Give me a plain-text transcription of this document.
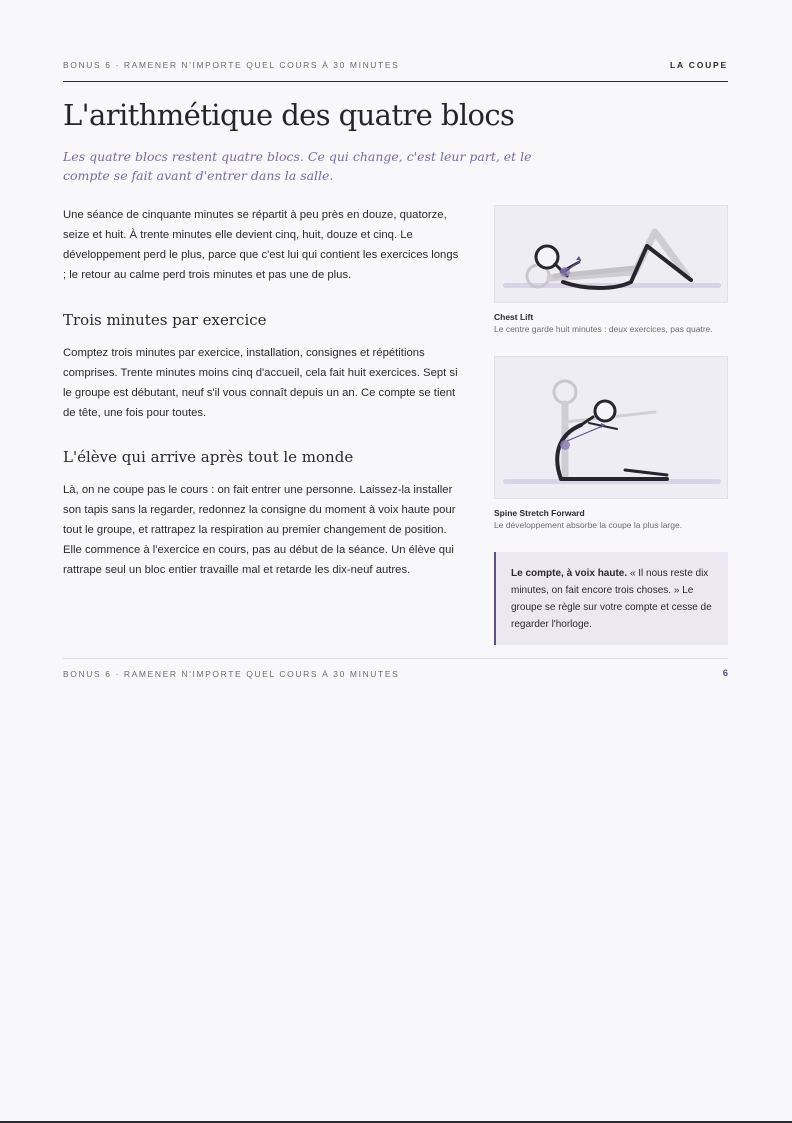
BONUS 6 · RAMENER N'IMPORTE QUEL COURS À 30 MINUTES	LA COUPE
L'arithmétique des quatre blocs

Les quatre blocs restent quatre blocs. Ce qui change, c'est leur part, et le compte se fait avant d'entrer dans la salle.

Une séance de cinquante minutes se répartit à peu près en douze, quatorze, seize et huit. À trente minutes elle devient cinq, huit, douze et cinq. Le développement perd le plus, parce que c'est lui qui contient les exercices longs ; le retour au calme perd trois minutes et pas une de plus.

Trois minutes par exercice

Comptez trois minutes par exercice, installation, consignes et répétitions comprises. Trente minutes moins cinq d'accueil, cela fait huit exercices. Sept si le groupe est débutant, neuf s'il vous connaît depuis un an. Ce compte se tient de tête, une fois pour toutes.

L'élève qui arrive après tout le monde

Là, on ne coupe pas le cours : on fait entrer une personne. Laissez-la installer son tapis sans la regarder, redonnez la consigne du moment à voix haute pour tout le groupe, et rattrapez la respiration au premier changement de position. Elle commence à l'exercice en cours, pas au début de la séance. Un élève qui rattrape seul un bloc entier travaille mal et retarde les dix-neuf autres.

Chest Lift
Le centre garde huit minutes : deux exercices, pas quatre.
Spine Stretch Forward
Le développement absorbe la coupe la plus large.
Le compte, à voix haute. « Il nous reste dix minutes, on fait encore trois choses. » Le groupe se règle sur votre compte et cesse de regarder l'horloge.
BONUS 6 · RAMENER N'IMPORTE QUEL COURS À 30 MINUTES	6
